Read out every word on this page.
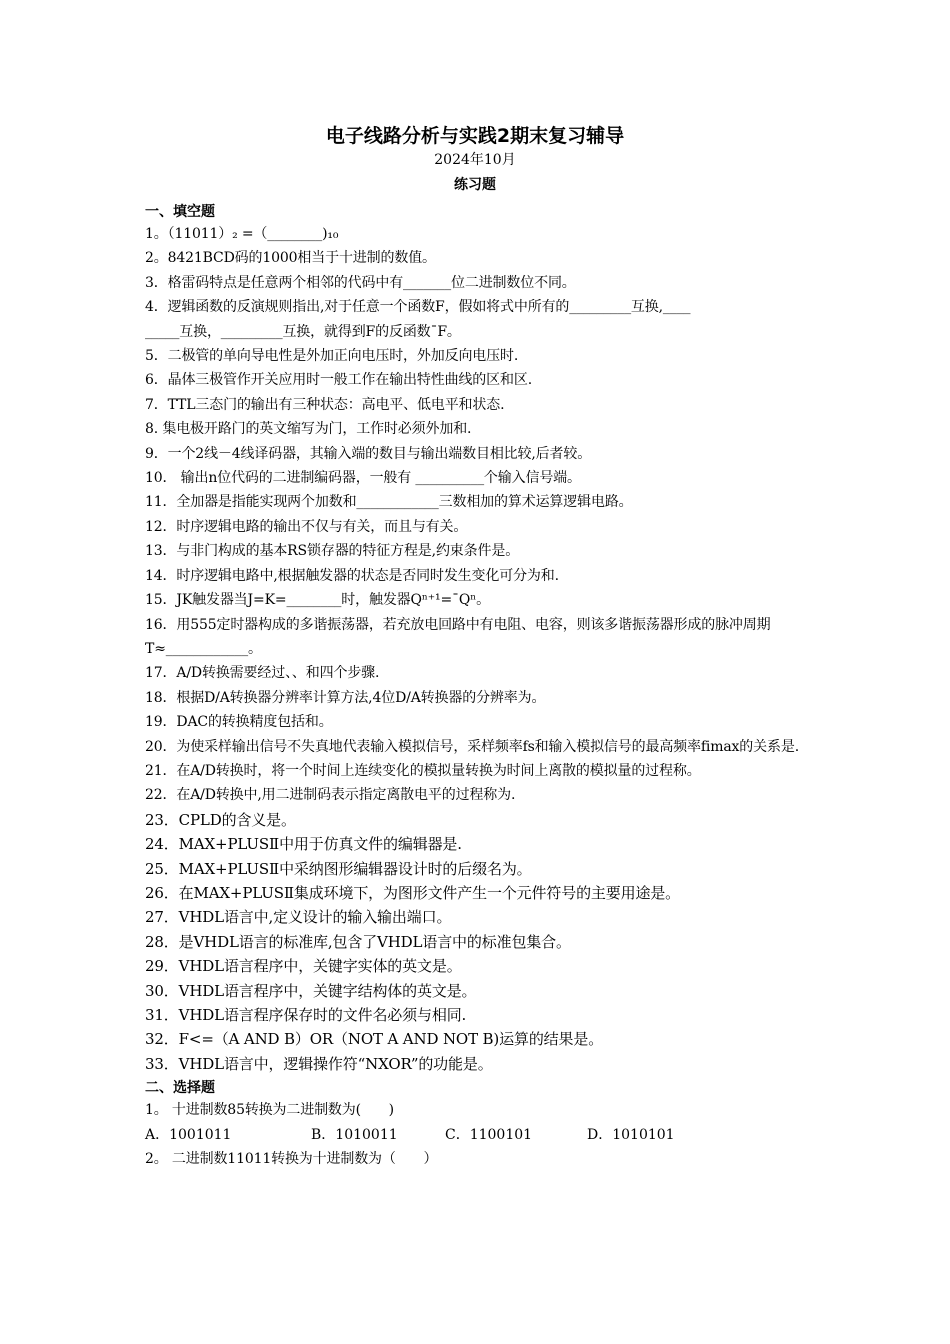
电子线路分析与实践2期末复习辅导
2024年10月
练习题
一、填空题
1。（11011）₂ =（________)₁₀
2。8421BCD码的1000相当于十进制的数值。
3．格雷码特点是任意两个相邻的代码中有_______位二进制数位不同。
4．逻辑函数的反演规则指出,对于任意一个函数F，假如将式中所有的_________互换,____
_____互换，_________互换，就得到F的反函数¯F。
5．二极管的单向导电性是外加正向电压时，外加反向电压时.
6．晶体三极管作开关应用时一般工作在输出特性曲线的区和区.
7．TTL三态门的输出有三种状态：高电平、低电平和状态.
8. 集电极开路门的英文缩写为门，工作时必须外加和.
9．一个2线－4线译码器，其输入端的数目与输出端数目相比较,后者较。
10． 输出n位代码的二进制编码器，一般有 __________个输入信号端。
11．全加器是指能实现两个加数和____________三数相加的算术运算逻辑电路。
12．时序逻辑电路的输出不仅与有关，而且与有关。
13．与非门构成的基本RS锁存器的特征方程是,约束条件是。
14．时序逻辑电路中,根据触发器的状态是否同时发生变化可分为和.
15．JK触发器当J=K=________时，触发器Qⁿ⁺¹=¯Qⁿ。
16．用555定时器构成的多谐振荡器，若充放电回路中有电阻、电容，则该多谐振荡器形成的脉冲周期T≈____________。
17．A/D转换需要经过、、和四个步骤.
18．根据D/A转换器分辨率计算方法,4位D/A转换器的分辨率为。
19．DAC的转换精度包括和。
20．为使采样输出信号不失真地代表输入模拟信号，采样频率fs和输入模拟信号的最高频率fimax的关系是.
21．在A/D转换时，将一个时间上连续变化的模拟量转换为时间上离散的模拟量的过程称。
22．在A/D转换中,用二进制码表示指定离散电平的过程称为.
23．CPLD的含义是。
24．MAX+PLUSⅡ中用于仿真文件的编辑器是.
25．MAX+PLUSⅡ中采纳图形编辑器设计时的后缀名为。
26．在MAX+PLUSⅡ集成环境下，为图形文件产生一个元件符号的主要用途是。
27．VHDL语言中,定义设计的输入输出端口。
28．是VHDL语言的标准库,包含了VHDL语言中的标准包集合。
29．VHDL语言程序中，关键字实体的英文是。
30．VHDL语言程序中，关键字结构体的英文是。
31．VHDL语言程序保存时的文件名必须与相同.
32．F<=（A AND B）OR（NOT A AND NOT B)运算的结果是。
33．VHDL语言中，逻辑操作符“NXOR”的功能是。
二、选择题
1。 十进制数85转换为二进制数为(　　)
A．1001011	B．1010011	C．1100101	D．1010101
2。 二进制数11011转换为十进制数为（　　）
